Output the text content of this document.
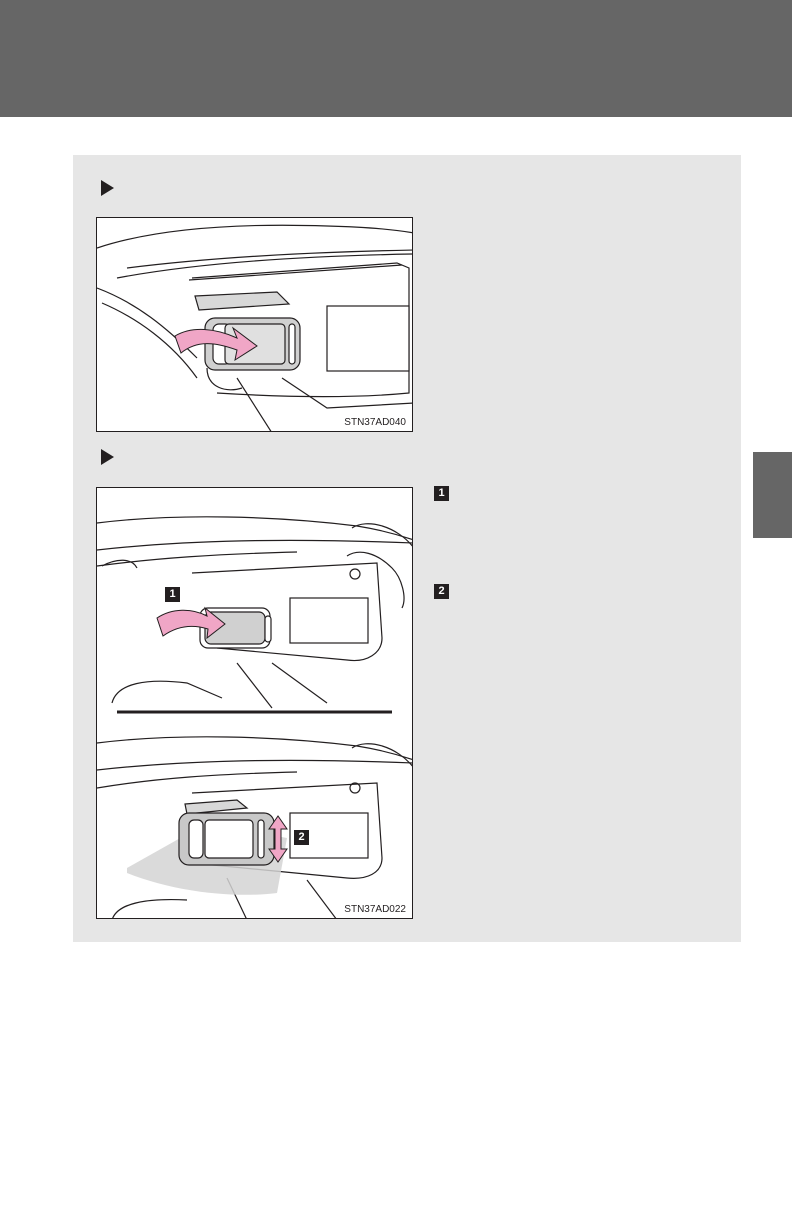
STN37AD040
STN37AD022
1
2
1
2
